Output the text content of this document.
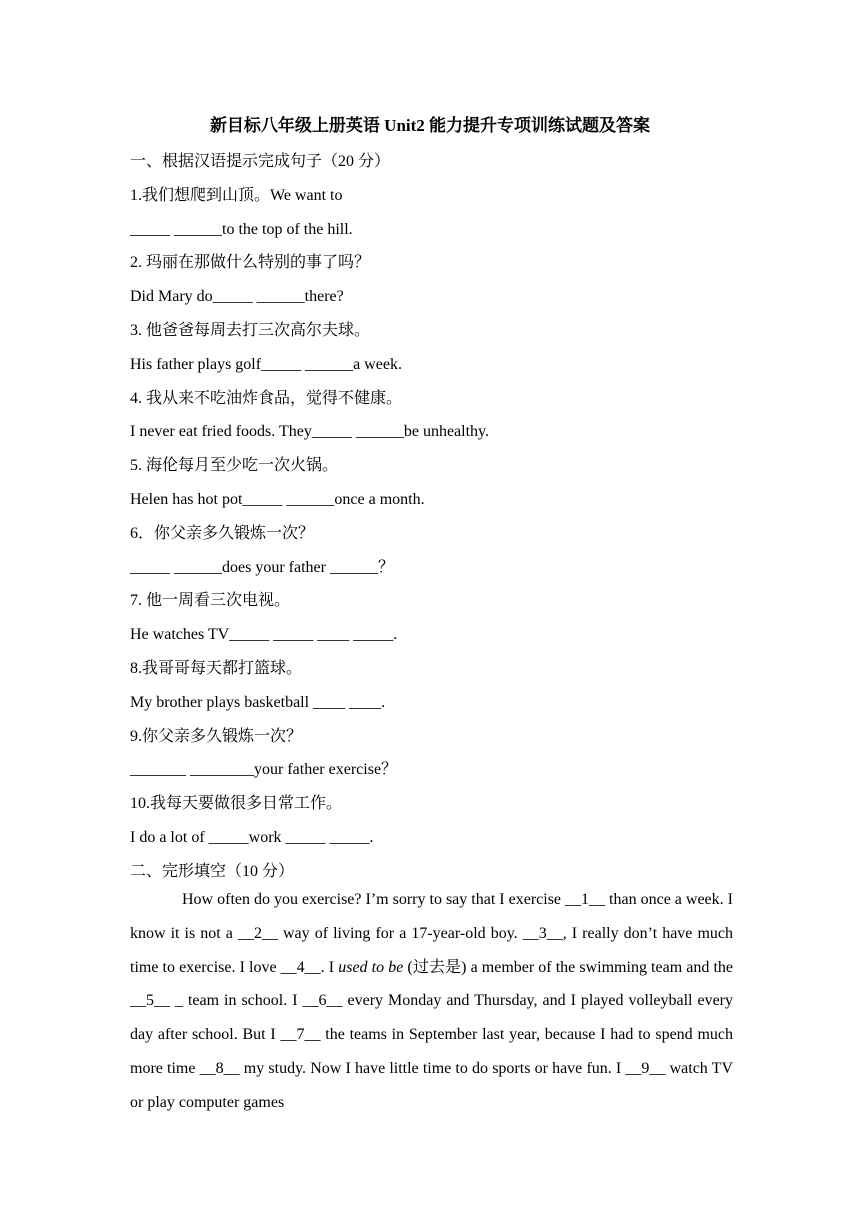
新目标八年级上册英语 Unit2 能力提升专项训练试题及答案
一、根据汉语提示完成句子（20 分）
1.我们想爬到山顶。We want to
_____ ______to the top of the hill.
2. 玛丽在那做什么特别的事了吗？
Did Mary do_____ ______there?
3. 他爸爸每周去打三次高尔夫球。
His father plays golf_____ ______a week.
4. 我从来不吃油炸食品，觉得不健康。
I never eat fried foods. They_____ ______be unhealthy.
5. 海伦每月至少吃一次火锅。
Helen has hot pot_____ ______once a month.
6．你父亲多久锻炼一次？
_____ ______does your father ______？
7. 他一周看三次电视。
He watches TV_____ _____ ____ _____.
8.我哥哥每天都打篮球。
My brother plays basketball ____ ____.
9.你父亲多久锻炼一次？
_______ ________your father exercise？
10.我每天要做很多日常工作。
I do a lot of _____work _____ _____.
二、完形填空（10 分）

How often do you exercise? I’m sorry to say that I exercise __1__ than once a week. I know it is not a __2__ way of living for a 17-year-old boy. __3__, I really don’t have much time to exercise. I love __4__. I used to be (过去是) a member of the swimming team and the __5__ _ team in school. I __6__ every Monday and Thursday, and I played volleyball every day after school. But I __7__ the teams in September last year, because I had to spend much more time __8__ my study. Now I have little time to do sports or have fun. I __9__ watch TV or play computer games
